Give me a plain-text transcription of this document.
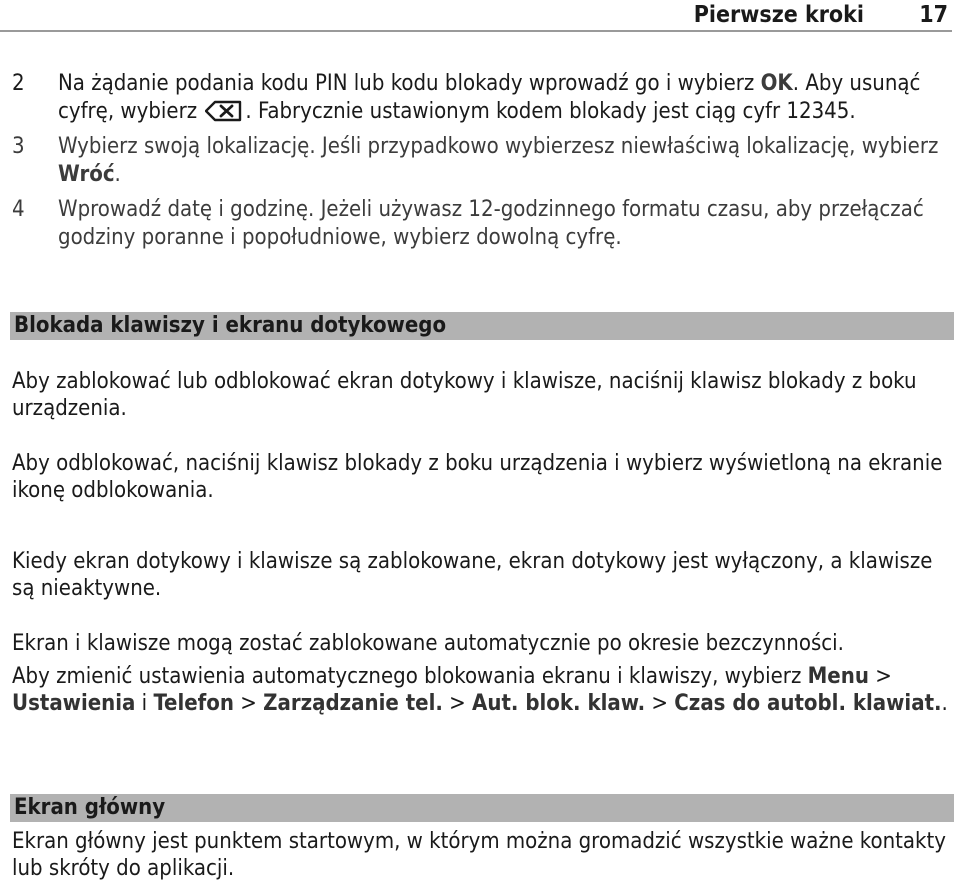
Pierwsze kroki 17
2 Na żądanie podania kodu PIN lub kodu blokady wprowadź go i wybierz OK. Aby usunąć cyfrę, wybierz . Fabrycznie ustawionym kodem blokady jest ciąg cyfr 12345.
3 Wybierz swoją lokalizację. Jeśli przypadkowo wybierzesz niewłaściwą lokalizację, wybierz Wróć.
4 Wprowadź datę i godzinę. Jeżeli używasz 12-godzinnego formatu czasu, aby przełączać godziny poranne i popołudniowe, wybierz dowolną cyfrę.
Blokada klawiszy i ekranu dotykowego
Aby zablokować lub odblokować ekran dotykowy i klawisze, naciśnij klawisz blokady z boku urządzenia.
Aby odblokować, naciśnij klawisz blokady z boku urządzenia i wybierz wyświetloną na ekranie ikonę odblokowania.
Kiedy ekran dotykowy i klawisze są zablokowane, ekran dotykowy jest wyłączony, a klawisze są nieaktywne.
Ekran i klawisze mogą zostać zablokowane automatycznie po okresie bezczynności.
Aby zmienić ustawienia automatycznego blokowania ekranu i klawiszy, wybierz Menu > Ustawienia i Telefon > Zarządzanie tel. > Aut. blok. klaw. > Czas do autobl. klawiat..
Ekran główny
Ekran główny jest punktem startowym, w którym można gromadzić wszystkie ważne kontakty lub skróty do aplikacji.
